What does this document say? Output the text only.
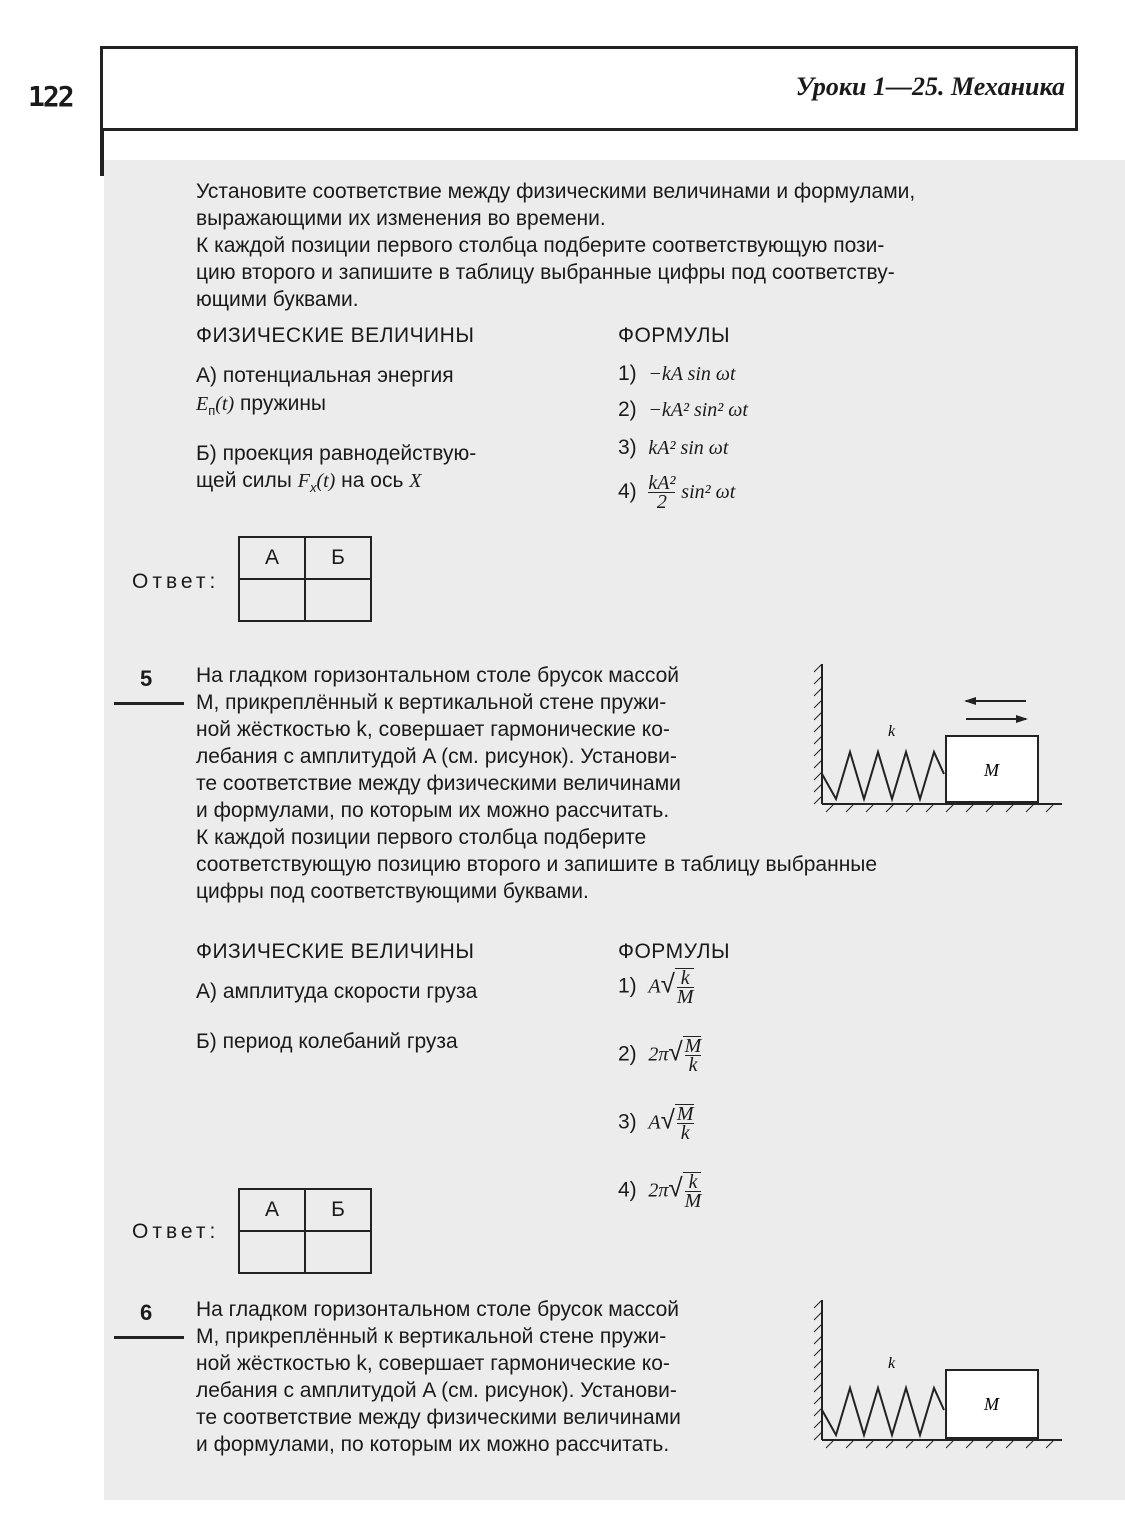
122	Уроки 1—25. Механика
Установите соответствие между физическими величинами и формулами,
выражающими их изменения во времени.
К каждой позиции первого столбца подберите соответствующую пози-
цию второго и запишите в таблицу выбранные цифры под соответству-
ющими буквами.
ФИЗИЧЕСКИЕ ВЕЛИЧИНЫ	ФОРМУЛЫ
А) потенциальная энергия
$E_п(t)$ пружины
Б) проекция равнодействую-
щей силы $F_x(t)$ на ось X
1) −kA sin ωt
2) −kA² sin² ωt
3) kA² sin ωt
$4) \frac{\text{kA²}}{2} \sin^2$ ωt
Ответ:
А	Б

5 На гладком горизонтальном столе брусок массой
M, прикреплённый к вертикальной стене пружи-
ной жёсткостью k, совершает гармонические ко-
лебания с амплитудой A (см. рисунок). Установи-
те соответствие между физическими величинами
и формулами, по которым их можно рассчитать.
К каждой позиции первого столбца подберите
соответствующую позицию второго и запишите в таблицу выбранные
цифры под соответствующими буквами.
k
M
ФИЗИЧЕСКИЕ ВЕЛИЧИНЫ	ФОРМУЛЫ
А) амплитуда скорости груза
Б) период колебаний груза
1) $A√ \frac{k}{M}$
2) $2\pi√ \frac{M}{k}$
3) $A√ \frac{M}{k}$
4) $2\pi√ \frac{k}{M}$
Ответ:
А	Б

6 На гладком горизонтальном столе брусок массой
M, прикреплённый к вертикальной стене пружи-
ной жёсткостью k, совершает гармонические ко-
лебания с амплитудой A (см. рисунок). Установи-
те соответствие между физическими величинами
и формулами, по которым их можно рассчитать.
k
M
